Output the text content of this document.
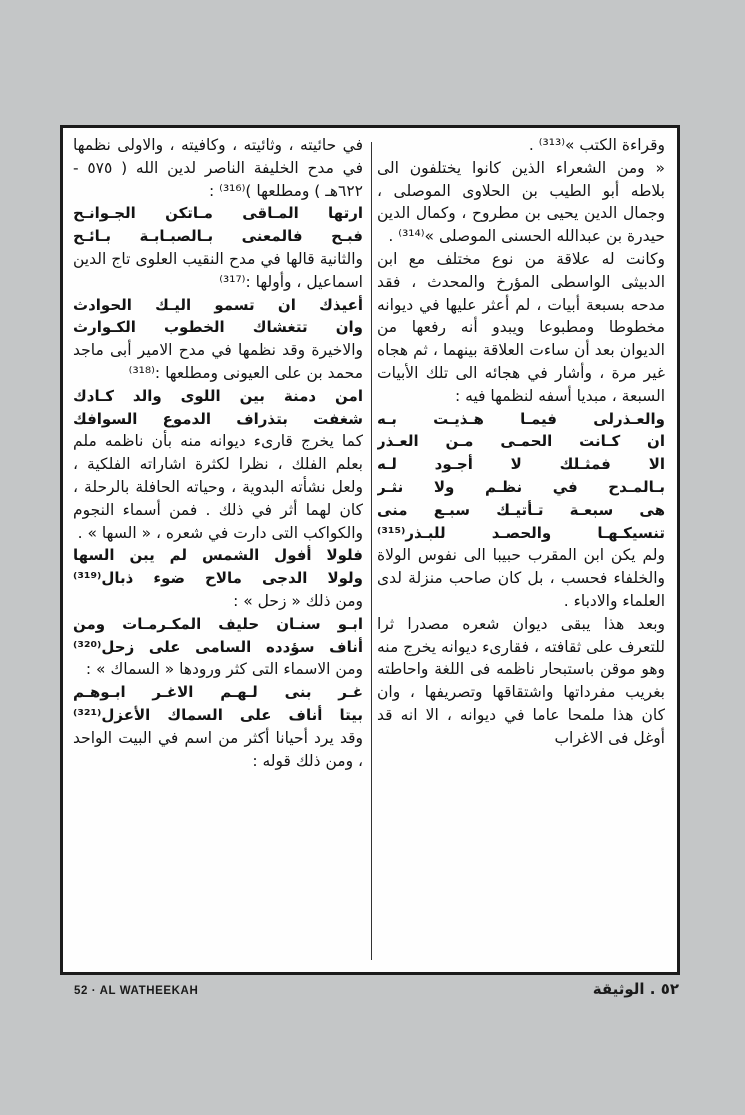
وقراءة الكتب »⁽³¹³⁾ .

« ومن الشعراء الذين كانوا يختلفون الى بلاطه أبو الطيب بن الحلاوى الموصلى ، وجمال الدين يحيى بن مطروح ، وكمال الدين حيدرة بن عبدالله الحسنى الموصلى »⁽³¹⁴⁾ .

وكانت له علاقة من نوع مختلف مع ابن الدبيثى الواسطى المؤرخ والمحدث ، فقد مدحه بسبعة أبيات ، لم أعثر عليها في ديوانه مخطوطا ومطبوعا ويبدو أنه رفعها من الديوان بعد أن ساءت العلاقة بينهما ، ثم هجاه غير مرة ، وأشار في هجائه الى تلك الأبيات السبعة ، مبديا أسفه لنظمها فيه :

والعـذرلى فيمـا هـذيـت بـه
ان كـانت الحمـى مـن العـذر
الا فمثـلك لا أجـود لـه
بـالمـدح في نظـم ولا نثـر
هى سبعـة تـأتيـك سبـع منى
تنسيكـهـا والحصـد للبـذر⁽³¹⁵⁾

ولم يكن ابن المقرب حبيبا الى نفوس الولاة والخلفاء فحسب ، بل كان صاحب منزلة لدى العلماء والادباء .

وبعد هذا يبقى ديوان شعره مصدرا ثرا للتعرف على ثقافته ، فقارىء ديوانه يخرج منه وهو موقن باستبحار ناظمه فى اللغة واحاطته بغريب مفرداتها واشتقاقها وتصريفها ، وان كان هذا ملمحا عاما في ديوانه ، الا انه قد أوغل فى الاغراب

في حائيته ، وثائيته ، وكافيته ، والاولى نظمها في مدح الخليفة الناصر لدين الله ( ٥٧٥ - ٦٢٢هـ ) ومطلعها )⁽³¹⁶⁾ :

ارتها المـاقى مـاتكن الجـوانـح
فبـح فالمعنى بـالصبـابـة بـائـح

والثانية قالها في مدح النقيب العلوى تاج الدين اسماعيل ، وأولها :⁽³¹⁷⁾

أعيذك ان تسمو اليـك الحوادث
وان تتغشاك الخطوب الكـوارث

والاخيرة وقد نظمها في مدح الامير أبى ماجد محمد بن على العيونى ومطلعها :⁽³¹⁸⁾

امن دمنة بين اللوى والد كـادك
شغفت بتذراف الدموع السوافك

كما يخرج قارىء ديوانه منه بأن ناظمه ملم بعلم الفلك ، نظرا لكثرة اشاراته الفلكية ، ولعل نشأته البدوية ، وحياته الحافلة بالرحلة ، كان لهما أثر في ذلك . فمن أسماء النجوم والكواكب التى دارت في شعره ، « السها » .

فلولا أفول الشمس لم يبن السها
ولولا الدجى مالاح ضوء ذبال⁽³¹⁹⁾

ومن ذلك « زحل » :

ابـو سنـان حليف المكـرمـات ومن
أناف سؤدده السامى على زحل⁽³²⁰⁾

ومن الاسماء التى كثر ورودها « السماك » :

غـر بنى لـهـم الاغـر ابـوهـم
بيتا أناف على السماك الأعزل⁽³²¹⁾

وقد يرد أحيانا أكثر من اسم في البيت الواحد ، ومن ذلك قوله :

52 · AL WATHEEKAH	٥٢ . الوثيقة
